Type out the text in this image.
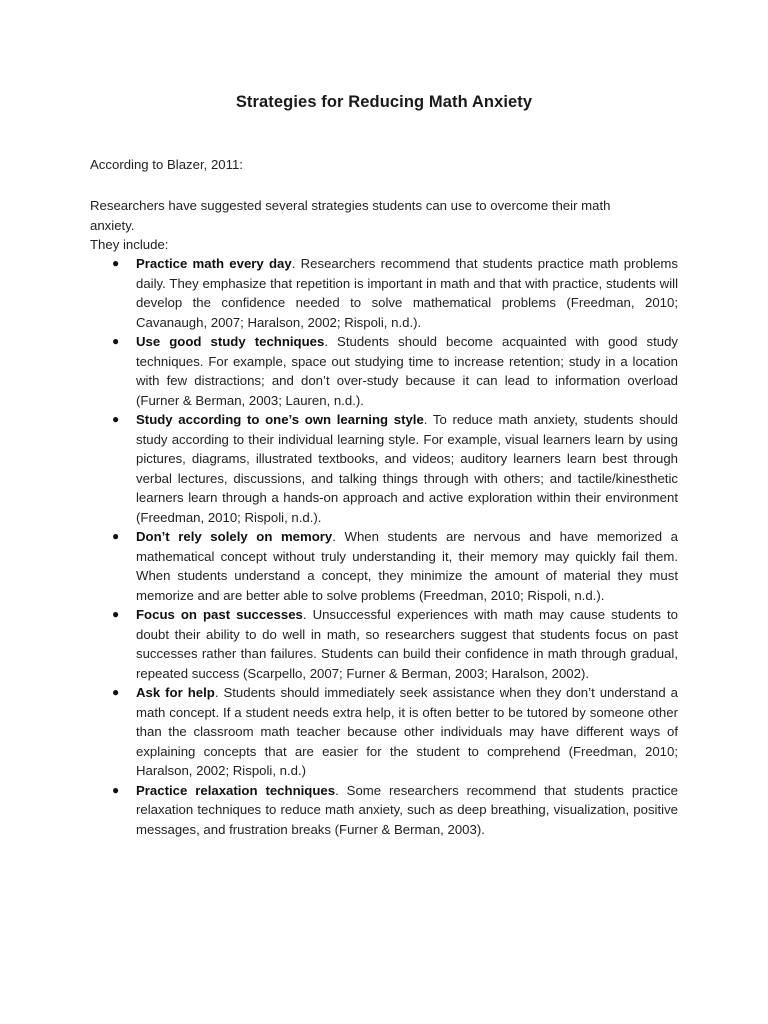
Strategies for Reducing Math Anxiety
According to Blazer, 2011:
Researchers have suggested several strategies students can use to overcome their math anxiety.
They include:
● Practice math every day. Researchers recommend that students practice math problems daily. They emphasize that repetition is important in math and that with practice, students will develop the confidence needed to solve mathematical problems (Freedman, 2010; Cavanaugh, 2007; Haralson, 2002; Rispoli, n.d.).
● Use good study techniques. Students should become acquainted with good study techniques. For example, space out studying time to increase retention; study in a location with few distractions; and don’t over-study because it can lead to information overload (Furner & Berman, 2003; Lauren, n.d.).
● Study according to one’s own learning style. To reduce math anxiety, students should study according to their individual learning style. For example, visual learners learn by using pictures, diagrams, illustrated textbooks, and videos; auditory learners learn best through verbal lectures, discussions, and talking things through with others; and tactile/kinesthetic learners learn through a hands-on approach and active exploration within their environment (Freedman, 2010; Rispoli, n.d.).
● Don’t rely solely on memory. When students are nervous and have memorized a mathematical concept without truly understanding it, their memory may quickly fail them. When students understand a concept, they minimize the amount of material they must memorize and are better able to solve problems (Freedman, 2010; Rispoli, n.d.).
● Focus on past successes. Unsuccessful experiences with math may cause students to doubt their ability to do well in math, so researchers suggest that students focus on past successes rather than failures. Students can build their confidence in math through gradual, repeated success (Scarpello, 2007; Furner & Berman, 2003; Haralson, 2002).
● Ask for help. Students should immediately seek assistance when they don’t understand a math concept. If a student needs extra help, it is often better to be tutored by someone other than the classroom math teacher because other individuals may have different ways of explaining concepts that are easier for the student to comprehend (Freedman, 2010; Haralson, 2002; Rispoli, n.d.)
● Practice relaxation techniques. Some researchers recommend that students practice relaxation techniques to reduce math anxiety, such as deep breathing, visualization, positive messages, and frustration breaks (Furner & Berman, 2003).
